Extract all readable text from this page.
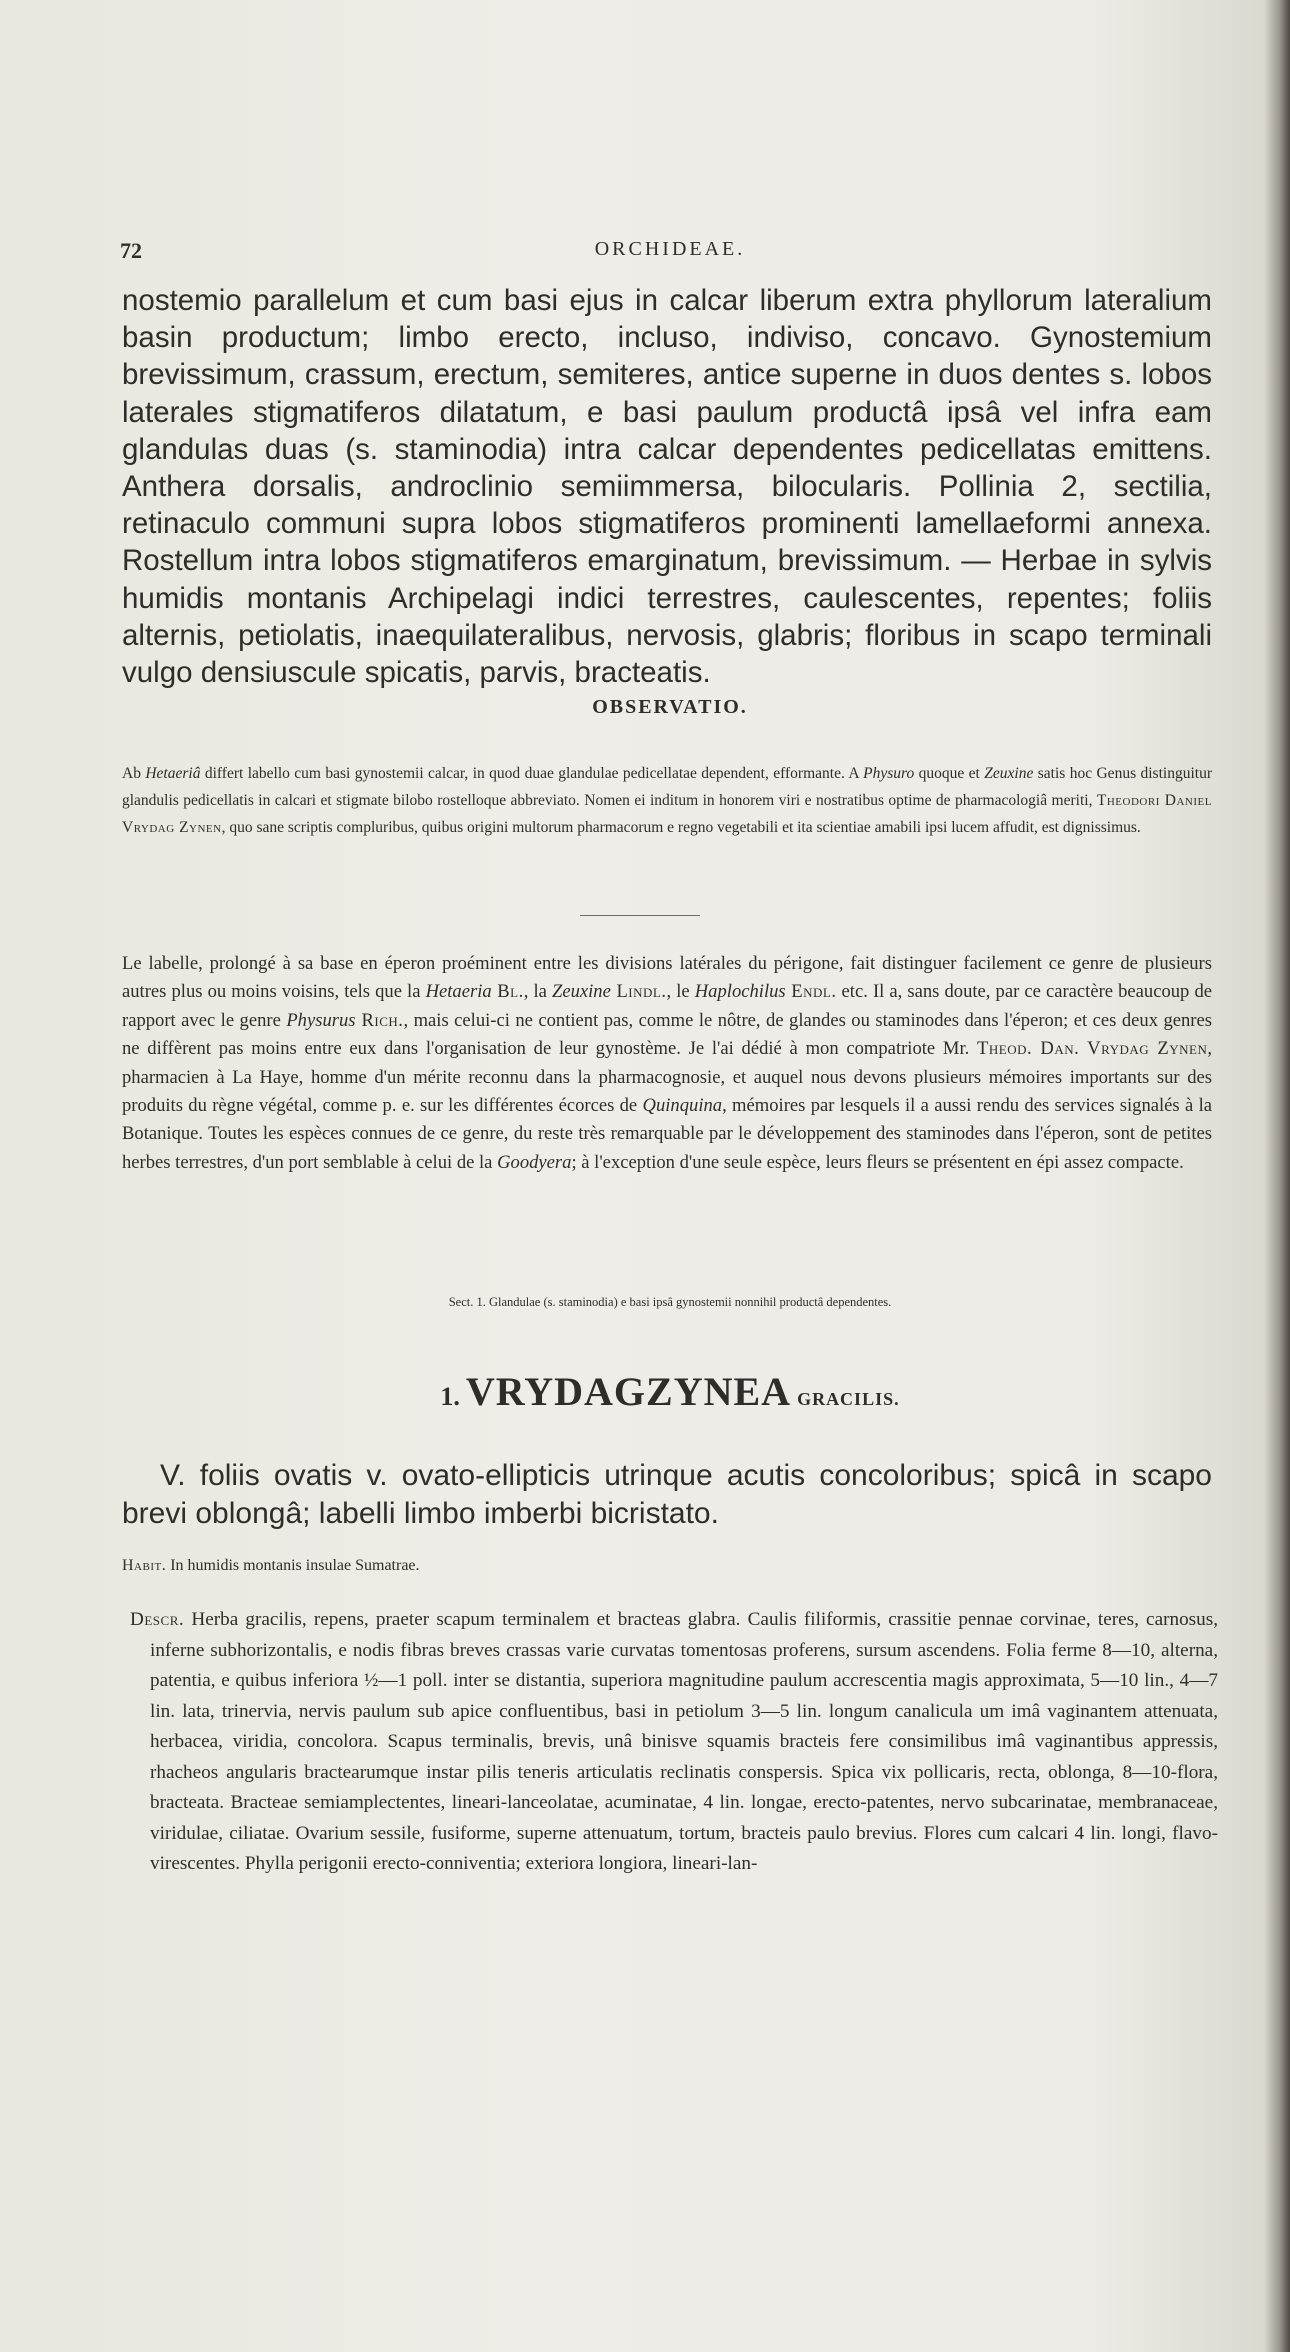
72	ORCHIDEAE.

nostemio parallelum et cum basi ejus in calcar liberum extra phyllorum lateralium basin productum; limbo erecto, incluso, indiviso, concavo. Gynostemium brevissimum, crassum, erectum, semiteres, antice superne in duos dentes s. lobos laterales stigmatiferos dilatatum, e basi paulum productâ ipsâ vel infra eam glandulas duas (s. staminodia) intra calcar dependentes pedicellatas emittens. Anthera dorsalis, androclinio semiimmersa, bilocularis. Pollinia 2, sectilia, retinaculo communi supra lobos stigmatiferos prominenti lamellaeformi annexa. Rostellum intra lobos stigmatiferos emarginatum, brevissimum. — Herbae in sylvis humidis montanis Archipelagi indici terrestres, caulescentes, repentes; foliis alternis, petiolatis, inaequilateralibus, nervosis, glabris; floribus in scapo terminali vulgo densiuscule spicatis, parvis, bracteatis.

OBSERVATIO.

Ab Hetaeriâ differt labello cum basi gynostemii calcar, in quod duae glandulae pedicellatae dependent, efformante. A Physuro quoque et Zeuxine satis hoc Genus distinguitur glandulis pedicellatis in calcari et stigmate bilobo rostelloque abbreviato. Nomen ei inditum in honorem viri e nostratibus optime de pharmacologiâ meriti, Theodori Daniel Vrydag Zynen, quo sane scriptis compluribus, quibus origini multorum pharmacorum e regno vegetabili et ita scientiae amabili ipsi lucem affudit, est dignissimus.

Le labelle, prolongé à sa base en éperon proéminent entre les divisions latérales du périgone, fait distinguer facilement ce genre de plusieurs autres plus ou moins voisins, tels que la Hetaeria Bl., la Zeuxine Lindl., le Haplochilus Endl. etc. Il a, sans doute, par ce caractère beaucoup de rapport avec le genre Physurus Rich., mais celui-ci ne contient pas, comme le nôtre, de glandes ou staminodes dans l'éperon; et ces deux genres ne diffèrent pas moins entre eux dans l'organisation de leur gynostème. Je l'ai dédié à mon compatriote Mr. Theod. Dan. Vrydag Zynen, pharmacien à La Haye, homme d'un mérite reconnu dans la pharmacognosie, et auquel nous devons plusieurs mémoires importants sur des produits du règne végétal, comme p. e. sur les différentes écorces de Quinquina, mémoires par lesquels il a aussi rendu des services signalés à la Botanique. Toutes les espèces connues de ce genre, du reste très remarquable par le développement des staminodes dans l'éperon, sont de petites herbes terrestres, d'un port semblable à celui de la Goodyera; à l'exception d'une seule espèce, leurs fleurs se présentent en épi assez compacte.

Sect. 1. Glandulae (s. staminodia) e basi ipsâ gynostemii nonnihil productâ dependentes.

1. VRYDAGZYNEA GRACILIS.

V. foliis ovatis v. ovato-ellipticis utrinque acutis concoloribus; spicâ in scapo brevi oblongâ; labelli limbo imberbi bicristato.

Habit. In humidis montanis insulae Sumatrae.

Descr. Herba gracilis, repens, praeter scapum terminalem et bracteas glabra. Caulis filiformis, crassitie pennae corvinae, teres, carnosus, inferne subhorizontalis, e nodis fibras breves crassas varie curvatas tomentosas proferens, sursum ascendens. Folia ferme 8—10, alterna, patentia, e quibus inferiora ½—1 poll. inter se distantia, superiora magnitudine paulum accrescentia magis approximata, 5—10 lin., 4—7 lin. lata, trinervia, nervis paulum sub apice confluentibus, basi in petiolum 3—5 lin. longum canaliculа um imâ vaginantem attenuata, herbacea, viridia, concolora. Scapus terminalis, brevis, unâ binisve squamis bracteis fere consimilibus imâ vaginantibus appressis, rhacheos angularis bractearumque instar pilis teneris articulatis reclinatis conspersis. Spica vix pollicaris, recta, oblonga, 8—10-flora, bracteata. Bracteae semiamplectentes, lineari-lanceolatae, acuminatae, 4 lin. longae, erecto-patentes, nervo subcarinatae, membranaceae, viridulae, ciliatae. Ovarium sessile, fusiforme, superne attenuatum, tortum, bracteis paulo brevius. Flores cum calcari 4 lin. longi, flavo-virescentes. Phylla perigonii erecto-conniventia; exteriora longiora, lineari-lan-
